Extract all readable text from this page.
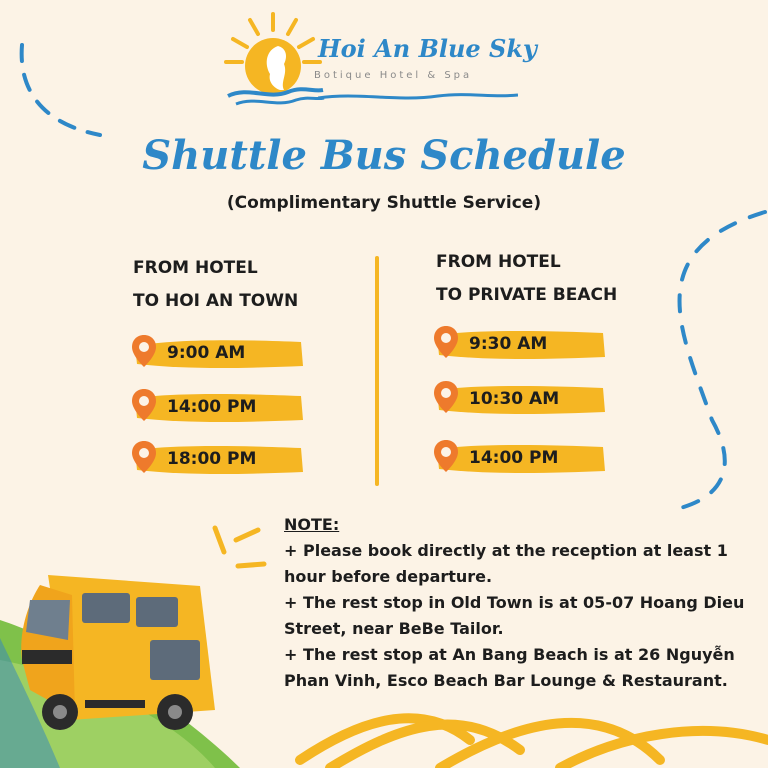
Hoi An Blue Sky
Botique Hotel & Spa
Shuttle Bus Schedule
(Complimentary Shuttle Service)
FROM HOTEL
TO HOI AN TOWN
FROM HOTEL
TO PRIVATE BEACH
9:00 AM
14:00 PM
18:00 PM
9:30 AM
10:30 AM
14:00 PM
NOTE:
+ Please book directly at the reception at least 1 hour before departure.
+ The rest stop in Old Town is at 05-07 Hoang Dieu Street, near BeBe Tailor.
+ The rest stop at An Bang Beach is at 26 Nguyễn Phan Vinh, Esco Beach Bar Lounge & Restaurant.
